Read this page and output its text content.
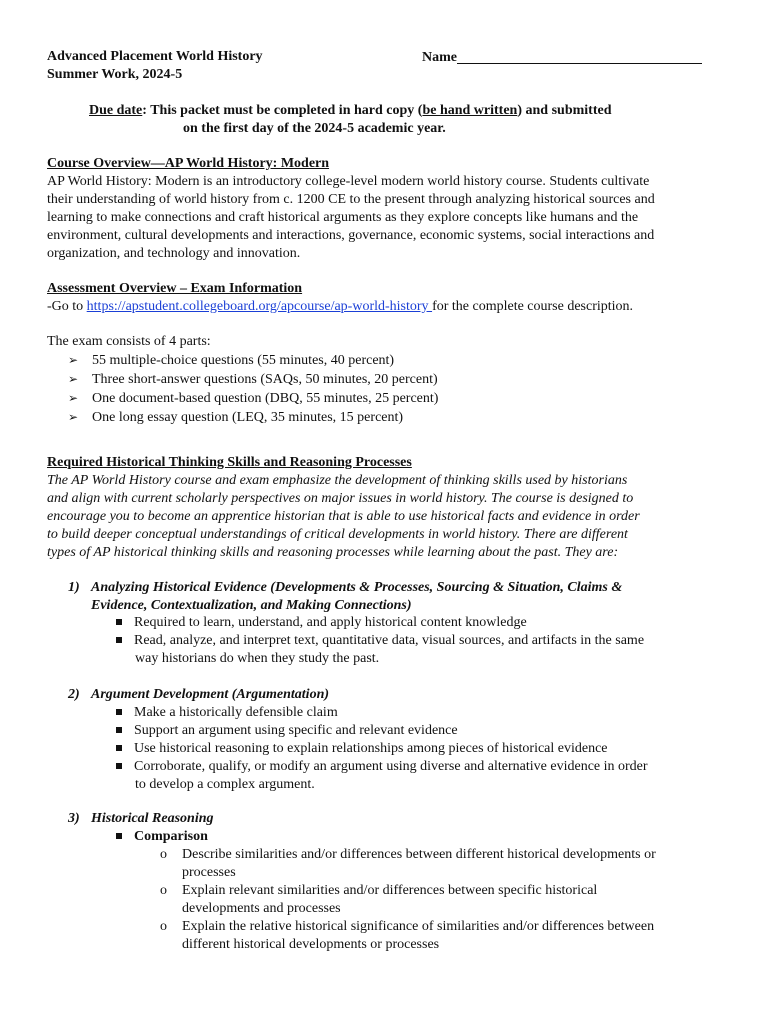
Advanced Placement World History
Summer Work, 2024-5
Name
Due date: This packet must be completed in hard copy (be hand written) and submitted
on the first day of the 2024-5 academic year.
Course Overview—AP World History: Modern
AP World History: Modern is an introductory college-level modern world history course. Students cultivate
their understanding of world history from c. 1200 CE to the present through analyzing historical sources and
learning to make connections and craft historical arguments as they explore concepts like humans and the
environment, cultural developments and interactions, governance, economic systems, social interactions and
organization, and technology and innovation.
Assessment Overview – Exam Information
-Go to https://apstudent.collegeboard.org/apcourse/ap-world-history for the complete course description.
The exam consists of 4 parts:
➢ 55 multiple-choice questions (55 minutes, 40 percent)
➢ Three short-answer questions (SAQs, 50 minutes, 20 percent)
➢ One document-based question (DBQ, 55 minutes, 25 percent)
➢ One long essay question (LEQ, 35 minutes, 15 percent)
Required Historical Thinking Skills and Reasoning Processes
The AP World History course and exam emphasize the development of thinking skills used by historians
and align with current scholarly perspectives on major issues in world history. The course is designed to
encourage you to become an apprentice historian that is able to use historical facts and evidence in order
to build deeper conceptual understandings of critical developments in world history. There are different
types of AP historical thinking skills and reasoning processes while learning about the past. They are:
1) Analyzing Historical Evidence (Developments & Processes, Sourcing & Situation, Claims &
Evidence, Contextualization, and Making Connections)
Required to learn, understand, and apply historical content knowledge
Read, analyze, and interpret text, quantitative data, visual sources, and artifacts in the same
way historians do when they study the past.
2) Argument Development (Argumentation)
Make a historically defensible claim
Support an argument using specific and relevant evidence
Use historical reasoning to explain relationships among pieces of historical evidence
Corroborate, qualify, or modify an argument using diverse and alternative evidence in order
to develop a complex argument.
3) Historical Reasoning
Comparison
o Describe similarities and/or differences between different historical developments or
processes
o Explain relevant similarities and/or differences between specific historical
developments and processes
o Explain the relative historical significance of similarities and/or differences between
different historical developments or processes
